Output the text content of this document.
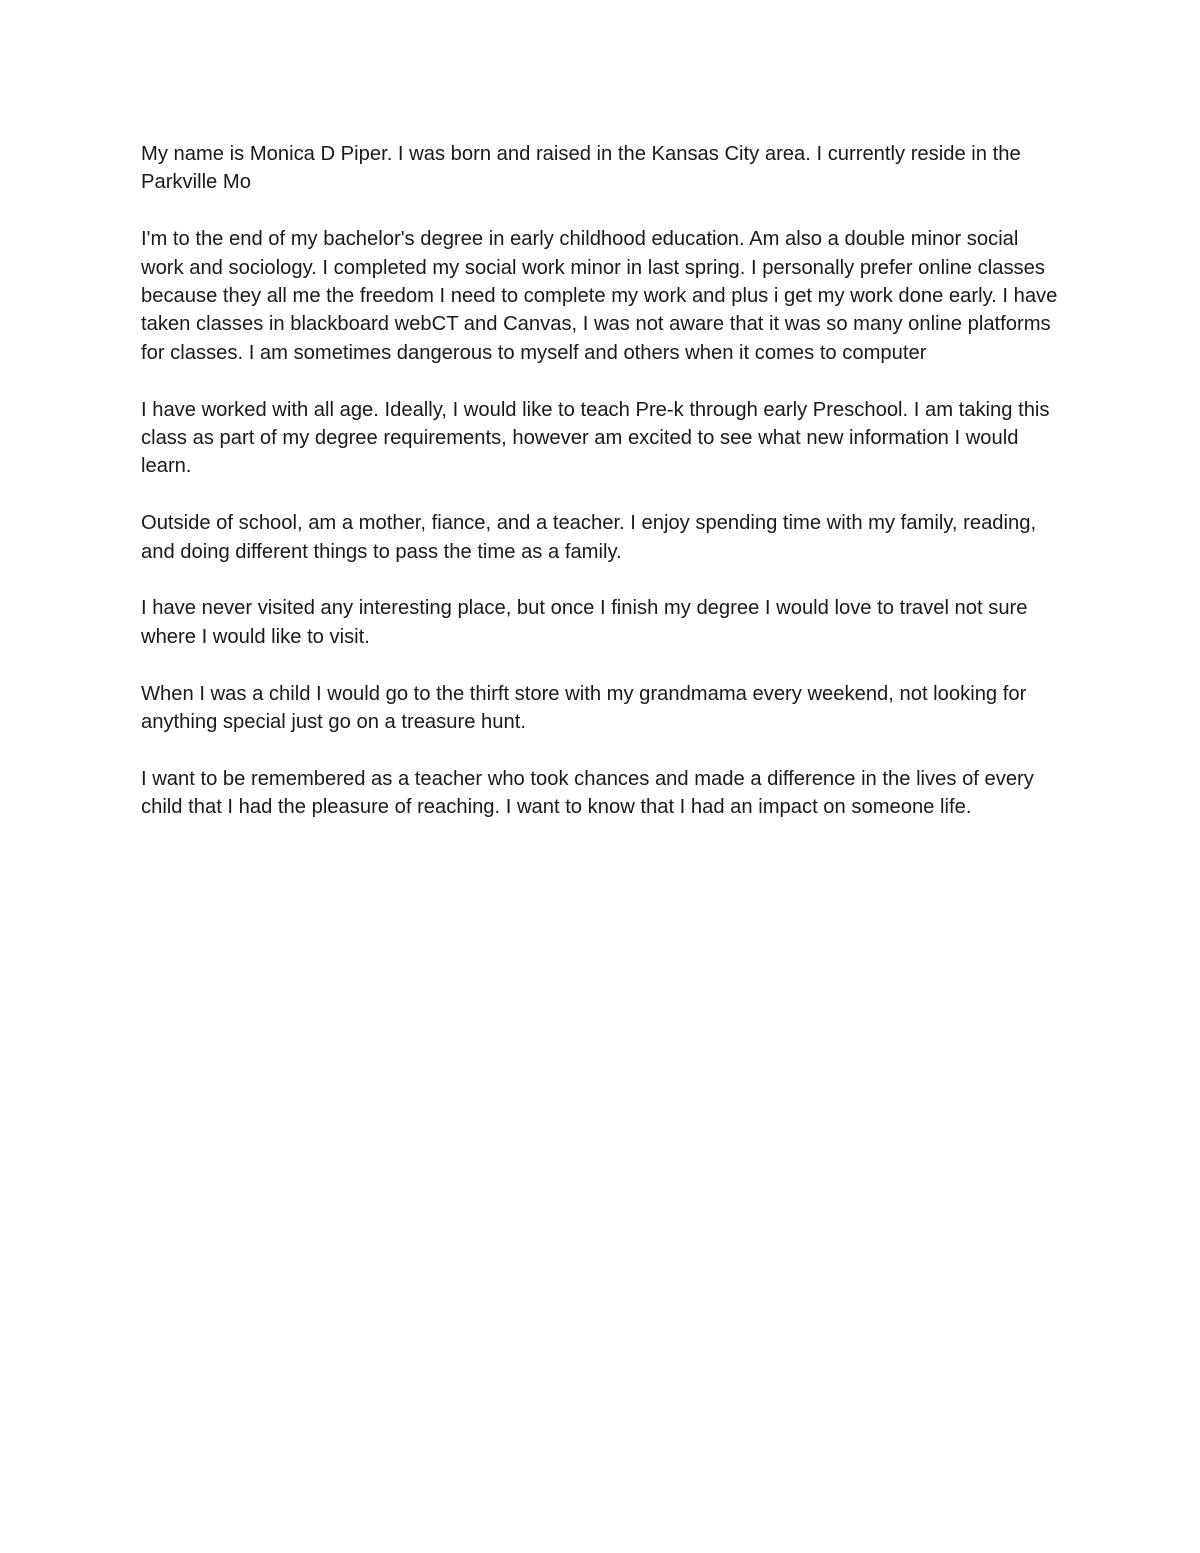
My name is Monica D Piper. I was born and raised in the Kansas City area. I currently reside in the Parkville Mo

I'm to the end of my bachelor's degree in early childhood education. Am also a double minor social work and sociology. I completed my social work minor in last spring. I personally prefer online classes because they all me the freedom I need to complete my work and plus i get my work done early. I have taken classes in blackboard webCT and Canvas, I was not aware that it was so many online platforms for classes. I am sometimes dangerous to myself and others when it comes to computer

I have worked with all age. Ideally, I would like to teach Pre-k through early Preschool. I am taking this class as part of my degree requirements, however am excited to see what new information I would learn.

Outside of school, am a mother, fiance, and a teacher. I enjoy spending time with my family, reading, and doing different things to pass the time as a family.

I have never visited any interesting place, but once I finish my degree I would love to travel not sure where I would like to visit.

When I was a child I would go to the thirft store with my grandmama every weekend, not looking for anything special just go on a treasure hunt.

I want to be remembered as a teacher who took chances and made a difference in the lives of every child that I had the pleasure of reaching. I want to know that I had an impact on someone life.
